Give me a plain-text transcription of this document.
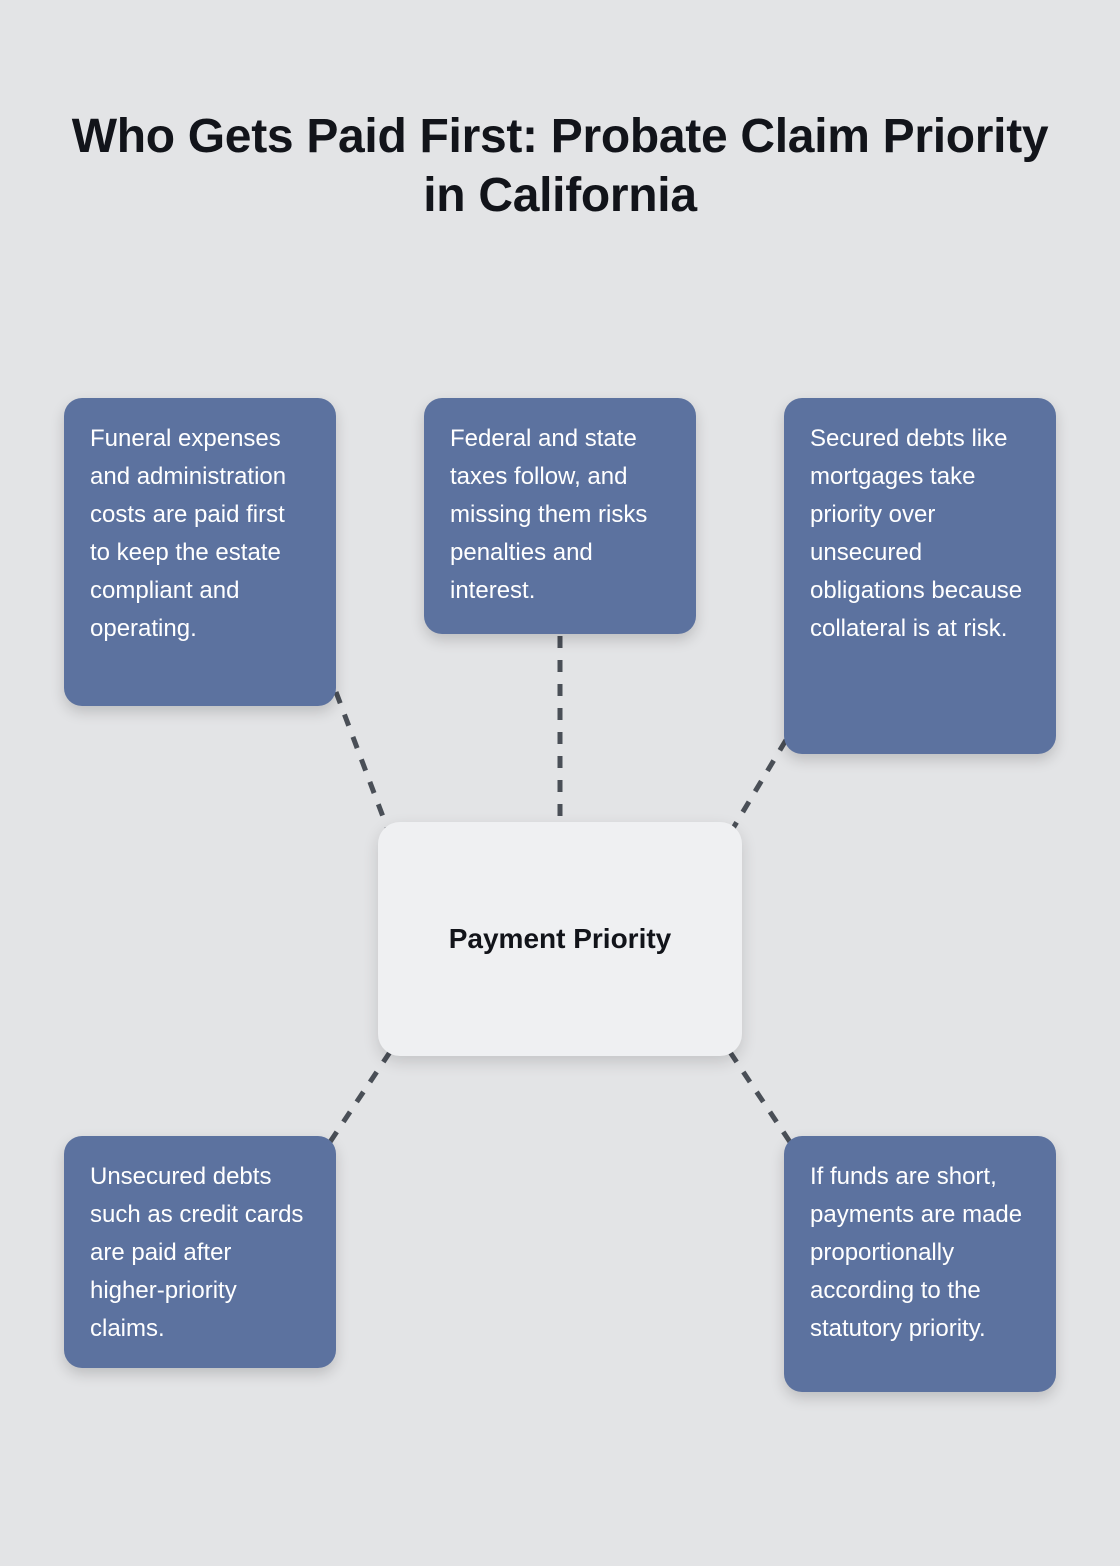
Who Gets Paid First: Probate Claim Priority in California
Funeral expenses and administration costs are paid first to keep the estate compliant and operating.
Federal and state taxes follow, and missing them risks penalties and interest.
Secured debts like mortgages take priority over unsecured obligations because collateral is at risk.
Unsecured debts such as credit cards are paid after higher-priority claims.
If funds are short, payments are made proportionally according to the statutory priority.
Payment Priority
